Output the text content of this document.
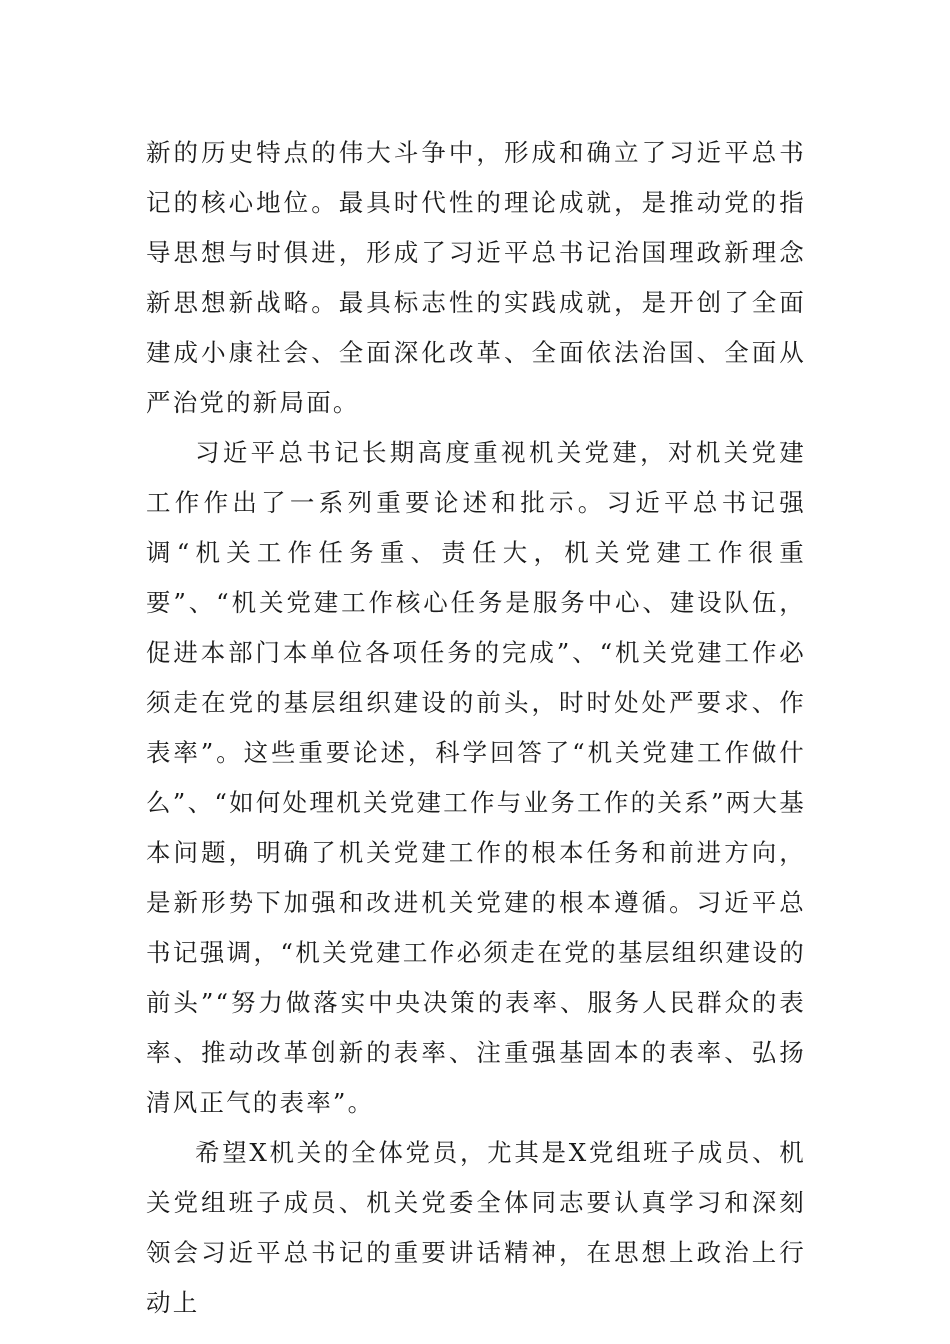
新的历史特点的伟大斗争中，形成和确立了习近平总书记的核心地位。最具时代性的理论成就，是推动党的指导思想与时俱进，形成了习近平总书记治国理政新理念新思想新战略。最具标志性的实践成就，是开创了全面建成小康社会、全面深化改革、全面依法治国、全面从严治党的新局面。

习近平总书记长期高度重视机关党建，对机关党建工作作出了一系列重要论述和批示。习近平总书记强调“机关工作任务重、责任大，机关党建工作很重要”、“机关党建工作核心任务是服务中心、建设队伍，促进本部门本单位各项任务的完成”、“机关党建工作必须走在党的基层组织建设的前头，时时处处严要求、作表率”。这些重要论述，科学回答了“机关党建工作做什么”、“如何处理机关党建工作与业务工作的关系”两大基本问题，明确了机关党建工作的根本任务和前进方向，是新形势下加强和改进机关党建的根本遵循。习近平总书记强调，“机关党建工作必须走在党的基层组织建设的前头”“努力做落实中央决策的表率、服务人民群众的表率、推动改革创新的表率、注重强基固本的表率、弘扬清风正气的表率”。

希望X机关的全体党员，尤其是X党组班子成员、机关党组班子成员、机关党委全体同志要认真学习和深刻领会习近平总书记的重要讲话精神，在思想上政治上行动上
